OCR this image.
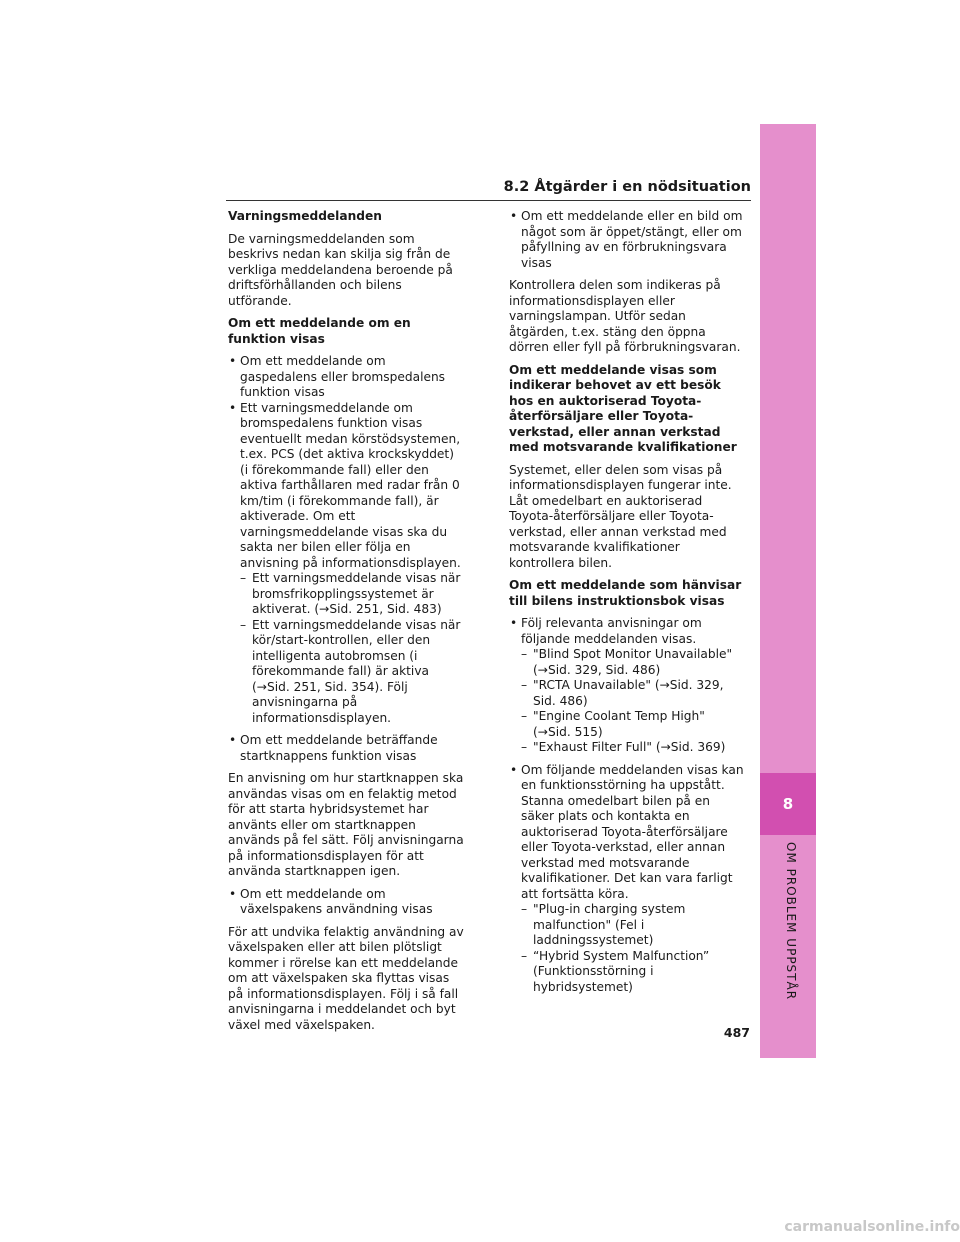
8.2 Åtgärder i en nödsituation
8
OM PROBLEM UPPSTÅR
Varningsmeddelanden

De varningsmeddelanden som beskrivs nedan kan skilja sig från de verkliga meddelandena beroende på driftsförhållanden och bilens utförande.

Om ett meddelande om en funktion visas
• Om ett meddelande om gaspedalens eller bromspedalens funktion visas
• Ett varningsmeddelande om bromspedalens funktion visas eventuellt medan körstödsystemen, t.ex. PCS (det aktiva krockskyddet) (i förekommande fall) eller den aktiva farthållaren med radar från 0 km/tim (i förekommande fall), är aktiverade. Om ett varningsmeddelande visas ska du sakta ner bilen eller följa en anvisning på informationsdisplayen.
– Ett varningsmeddelande visas när bromsfrikopplingssystemet är aktiverat. (→Sid. 251, Sid. 483)
– Ett varningsmeddelande visas när kör/start-kontrollen, eller den intelligenta autobromsen (i förekommande fall) är aktiva (→Sid. 251, Sid. 354). Följ anvisningarna på informationsdisplayen.
• Om ett meddelande beträffande startknappens funktion visas

En anvisning om hur startknappen ska användas visas om en felaktig metod för att starta hybridsystemet har använts eller om startknappen används på fel sätt. Följ anvisningarna på informationsdisplayen för att använda startknappen igen.

• Om ett meddelande om växelspakens användning visas

För att undvika felaktig användning av växelspaken eller att bilen plötsligt kommer i rörelse kan ett meddelande om att växelspaken ska flyttas visas på informationsdisplayen. Följ i så fall anvisningarna i meddelandet och byt växel med växelspaken.

• Om ett meddelande eller en bild om något som är öppet/stängt, eller om påfyllning av en förbrukningsvara visas

Kontrollera delen som indikeras på informationsdisplayen eller varningslampan. Utför sedan åtgärden, t.ex. stäng den öppna dörren eller fyll på förbrukningsvaran.

Om ett meddelande visas som indikerar behovet av ett besök hos en auktoriserad Toyota-återförsäljare eller Toyota-verkstad, eller annan verkstad med motsvarande kvalifikationer

Systemet, eller delen som visas på informationsdisplayen fungerar inte. Låt omedelbart en auktoriserad Toyota-återförsäljare eller Toyota-verkstad, eller annan verkstad med motsvarande kvalifikationer kontrollera bilen.

Om ett meddelande som hänvisar till bilens instruktionsbok visas
• Följ relevanta anvisningar om följande meddelanden visas.
– "Blind Spot Monitor Unavailable" (→Sid. 329, Sid. 486)
– "RCTA Unavailable" (→Sid. 329, Sid. 486)
– "Engine Coolant Temp High" (→Sid. 515)
– "Exhaust Filter Full" (→Sid. 369)
• Om följande meddelanden visas kan en funktionsstörning ha uppstått. Stanna omedelbart bilen på en säker plats och kontakta en auktoriserad Toyota-återförsäljare eller Toyota-verkstad, eller annan verkstad med motsvarande kvalifikationer. Det kan vara farligt att fortsätta köra.
– "Plug-in charging system malfunction" (Fel i laddningssystemet)
– “Hybrid System Malfunction” (Funktionsstörning i hybridsystemet)
487
carmanualsonline.info
